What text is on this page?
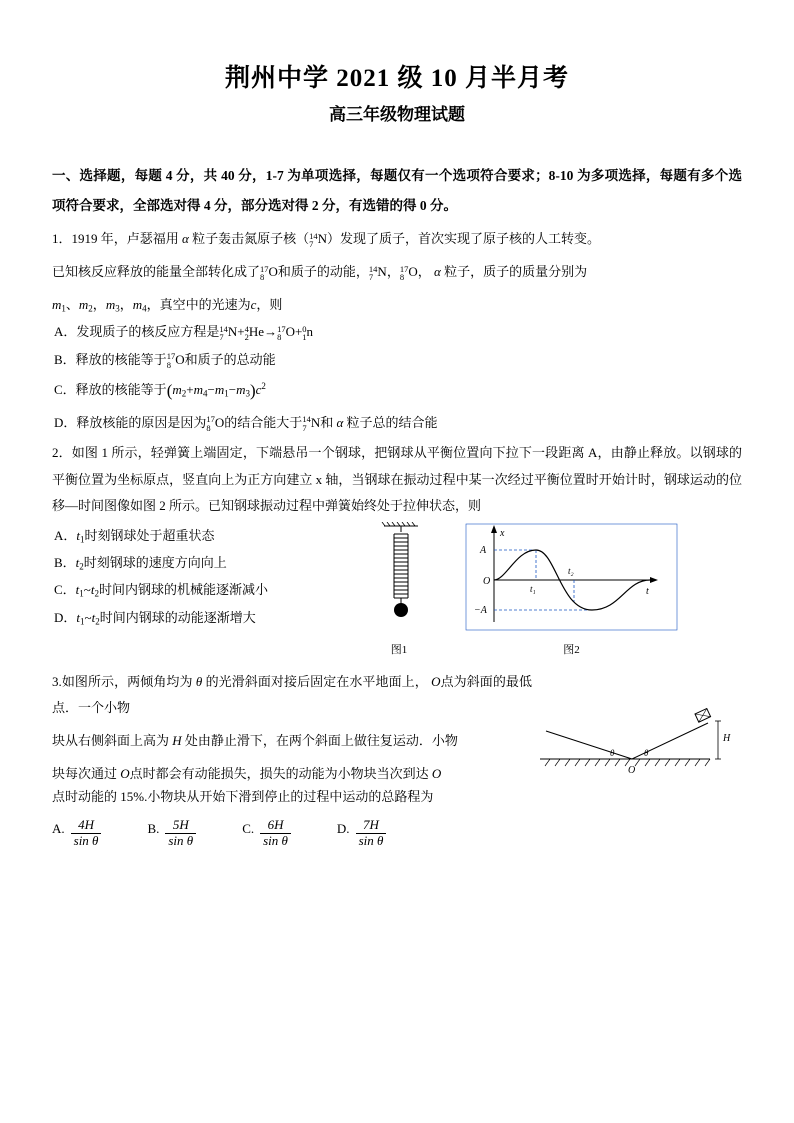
荆州中学 2021 级 10 月半月考
高三年级物理试题
一、选择题，每题 4 分，共 40 分，1-7 为单项选择，每题仅有一个选项符合要求；8-10 为多项选择，每题有多个选项符合要求，全部选对得 4 分，部分选对得 2 分，有选错的得 0 分。
1．1919 年，卢瑟福用 α 粒子轰击氮原子核（ 14
7 N）发现了质子，首次实现了原子核的人工转变。
已知核反应释放的能量全部转化成了 17
8 O和质子的动能， 14
7 N， 17
8 O， α 粒子，质子的质量分别为
$m_1$、$m_2$，$m_3$，$m_4$，真空中的光速为c，则
A．发现质子的核反应方程是 14
7 N+ 4
2 He→ 17
8 O+ 0
1 n
B．释放的核能等于 17
8 O和质子的总动能
C．释放的核能等于$(m_2+m_4-m_1-m_3)c^2$
D．释放核能的原因是因为 17
8 O的结合能大于 14
7 N和 α 粒子总的结合能
2．如图 1 所示，轻弹簧上端固定，下端悬吊一个钢球，把钢球从平衡位置向下拉下一段距离 A，由静止释放。以钢球的平衡位置为坐标原点，竖直向上为正方向建立 x 轴，当钢球在振动过程中某一次经过平衡位置时开始计时，钢球运动的位移—时间图像如图 2 所示。已知钢球振动过程中弹簧始终处于拉伸状态，则
A．$t_1$时刻钢球处于超重状态
B．$t_2$时刻钢球的速度方向向上
C．$t_1\sim t_2$时间内钢球的机械能逐渐减小
D．$t_1\sim t_2$时间内钢球的动能逐渐增大
图1
x
t
O
A
−A
t₁
t₂
图2
3.如图所示，两倾角均为 θ 的光滑斜面对接后固定在水平地面上， O点为斜面的最低点．一个小物
块从右侧斜面上高为 H 处由静止滑下，在两个斜面上做往复运动．小物
块每次通过 O点时都会有动能损失，损失的动能为小物块当次到达 O
H
θ	θ
O
点时动能的 15%.小物块从开始下滑到停止的过程中运动的总路程为
A. $\frac{4H}{\text{sin θ}}$	B. $\frac{5H}{\text{sin θ}}$	C. $\frac{6H}{\text{sin θ}}$	D. $\frac{7H}{\text{sin θ}}$
